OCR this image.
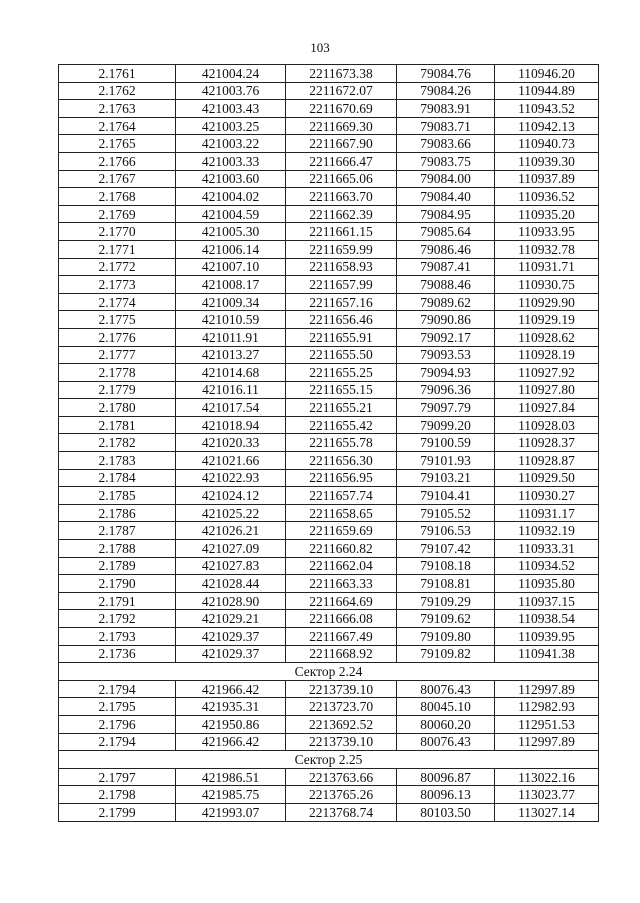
103
2.1761	421004.24	2211673.38	79084.76	110946.20
2.1762	421003.76	2211672.07	79084.26	110944.89
2.1763	421003.43	2211670.69	79083.91	110943.52
2.1764	421003.25	2211669.30	79083.71	110942.13
2.1765	421003.22	2211667.90	79083.66	110940.73
2.1766	421003.33	2211666.47	79083.75	110939.30
2.1767	421003.60	2211665.06	79084.00	110937.89
2.1768	421004.02	2211663.70	79084.40	110936.52
2.1769	421004.59	2211662.39	79084.95	110935.20
2.1770	421005.30	2211661.15	79085.64	110933.95
2.1771	421006.14	2211659.99	79086.46	110932.78
2.1772	421007.10	2211658.93	79087.41	110931.71
2.1773	421008.17	2211657.99	79088.46	110930.75
2.1774	421009.34	2211657.16	79089.62	110929.90
2.1775	421010.59	2211656.46	79090.86	110929.19
2.1776	421011.91	2211655.91	79092.17	110928.62
2.1777	421013.27	2211655.50	79093.53	110928.19
2.1778	421014.68	2211655.25	79094.93	110927.92
2.1779	421016.11	2211655.15	79096.36	110927.80
2.1780	421017.54	2211655.21	79097.79	110927.84
2.1781	421018.94	2211655.42	79099.20	110928.03
2.1782	421020.33	2211655.78	79100.59	110928.37
2.1783	421021.66	2211656.30	79101.93	110928.87
2.1784	421022.93	2211656.95	79103.21	110929.50
2.1785	421024.12	2211657.74	79104.41	110930.27
2.1786	421025.22	2211658.65	79105.52	110931.17
2.1787	421026.21	2211659.69	79106.53	110932.19
2.1788	421027.09	2211660.82	79107.42	110933.31
2.1789	421027.83	2211662.04	79108.18	110934.52
2.1790	421028.44	2211663.33	79108.81	110935.80
2.1791	421028.90	2211664.69	79109.29	110937.15
2.1792	421029.21	2211666.08	79109.62	110938.54
2.1793	421029.37	2211667.49	79109.80	110939.95
2.1736	421029.37	2211668.92	79109.82	110941.38
Сектор 2.24				
2.1794	421966.42	2213739.10	80076.43	112997.89
2.1795	421935.31	2213723.70	80045.10	112982.93
2.1796	421950.86	2213692.52	80060.20	112951.53
2.1794	421966.42	2213739.10	80076.43	112997.89
Сектор 2.25				
2.1797	421986.51	2213763.66	80096.87	113022.16
2.1798	421985.75	2213765.26	80096.13	113023.77
2.1799	421993.07	2213768.74	80103.50	113027.14
